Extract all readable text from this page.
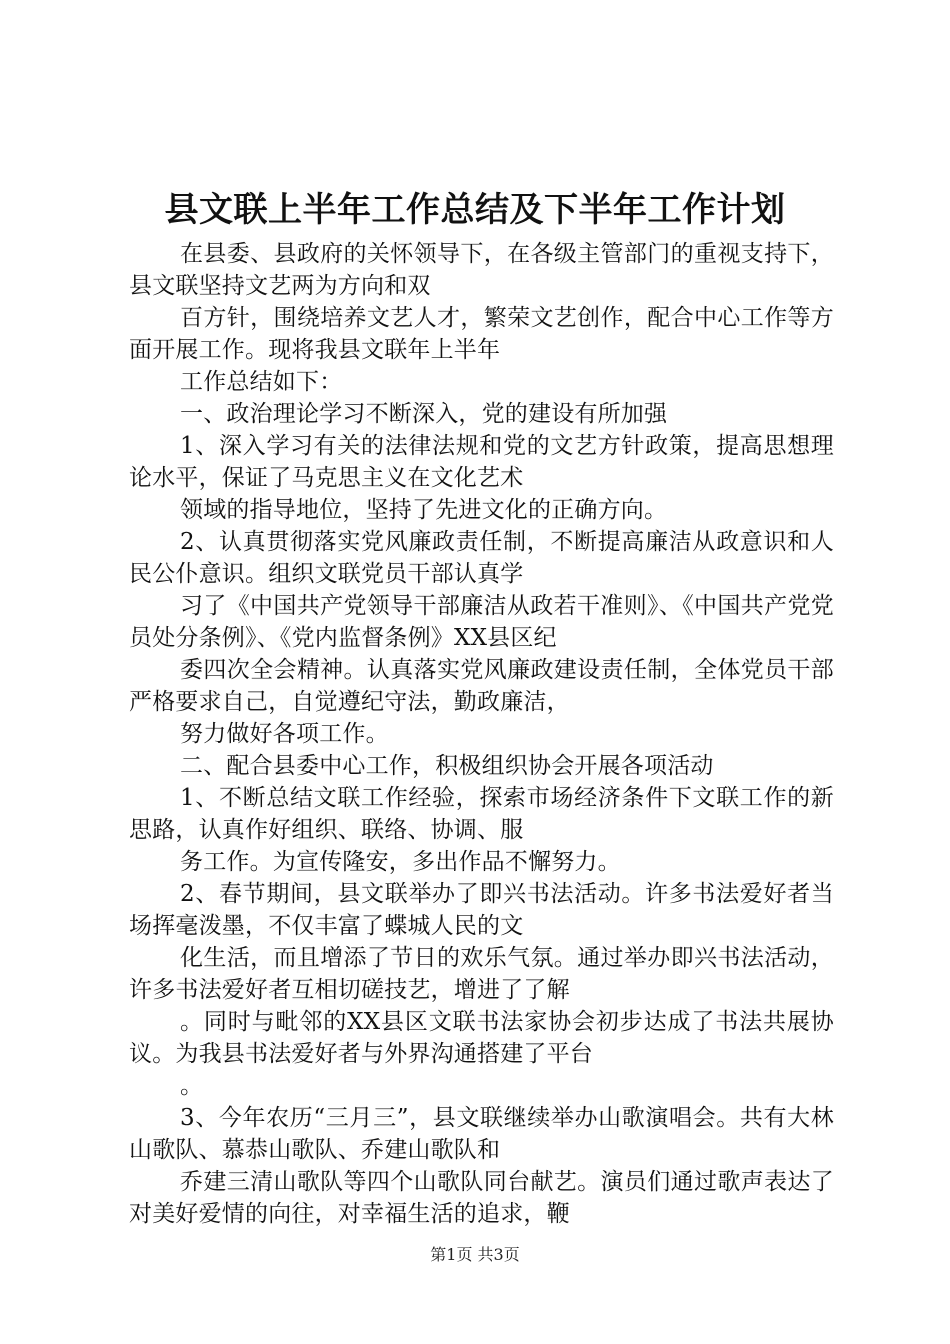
县文联上半年工作总结及下半年工作计划

在县委、县政府的关怀领导下，在各级主管部门的重视支持下，县文联坚持文艺两为方向和双

百方针，围绕培养文艺人才，繁荣文艺创作，配合中心工作等方面开展工作。现将我县文联年上半年

工作总结如下：

一、政治理论学习不断深入，党的建设有所加强

1、深入学习有关的法律法规和党的文艺方针政策，提高思想理论水平，保证了马克思主义在文化艺术

领域的指导地位，坚持了先进文化的正确方向。

2、认真贯彻落实党风廉政责任制，不断提高廉洁从政意识和人民公仆意识。组织文联党员干部认真学

习了《中国共产党领导干部廉洁从政若干准则》、《中国共产党党员处分条例》、《党内监督条例》XX县区纪

委四次全会精神。认真落实党风廉政建设责任制，全体党员干部严格要求自己，自觉遵纪守法，勤政廉洁，

努力做好各项工作。

二、配合县委中心工作，积极组织协会开展各项活动

1、不断总结文联工作经验，探索市场经济条件下文联工作的新思路，认真作好组织、联络、协调、服

务工作。为宣传隆安，多出作品不懈努力。

2、春节期间，县文联举办了即兴书法活动。许多书法爱好者当场挥毫泼墨，不仅丰富了蝶城人民的文

化生活，而且增添了节日的欢乐气氛。通过举办即兴书法活动，许多书法爱好者互相切磋技艺，增进了了解

。同时与毗邻的XX县区文联书法家协会初步达成了书法共展协议。为我县书法爱好者与外界沟通搭建了平台

。

3、今年农历“三月三”，县文联继续举办山歌演唱会。共有大林山歌队、慕恭山歌队、乔建山歌队和

乔建三清山歌队等四个山歌队同台献艺。演员们通过歌声表达了对美好爱情的向往，对幸福生活的追求，鞭

第1页 共3页
